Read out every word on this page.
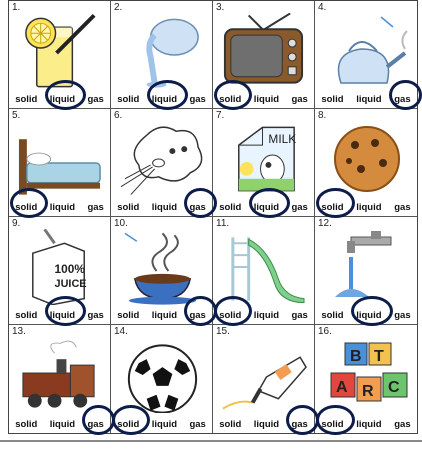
1.
solid liquid gas
2.
solid liquid gas
3.
solid liquid gas
4.
solid liquid gas
5.
solid liquid gas
6.
solid liquid gas
7.
MILK
solid liquid gas
8.
solid liquid gas
9.
100%
JUICE
solid liquid gas
10.
solid liquid gas
11.
solid liquid gas
12.
solid liquid gas
13.
solid liquid gas
14.
solid liquid gas
15.
solid liquid gas
16.
B T
A R C
solid liquid gas
